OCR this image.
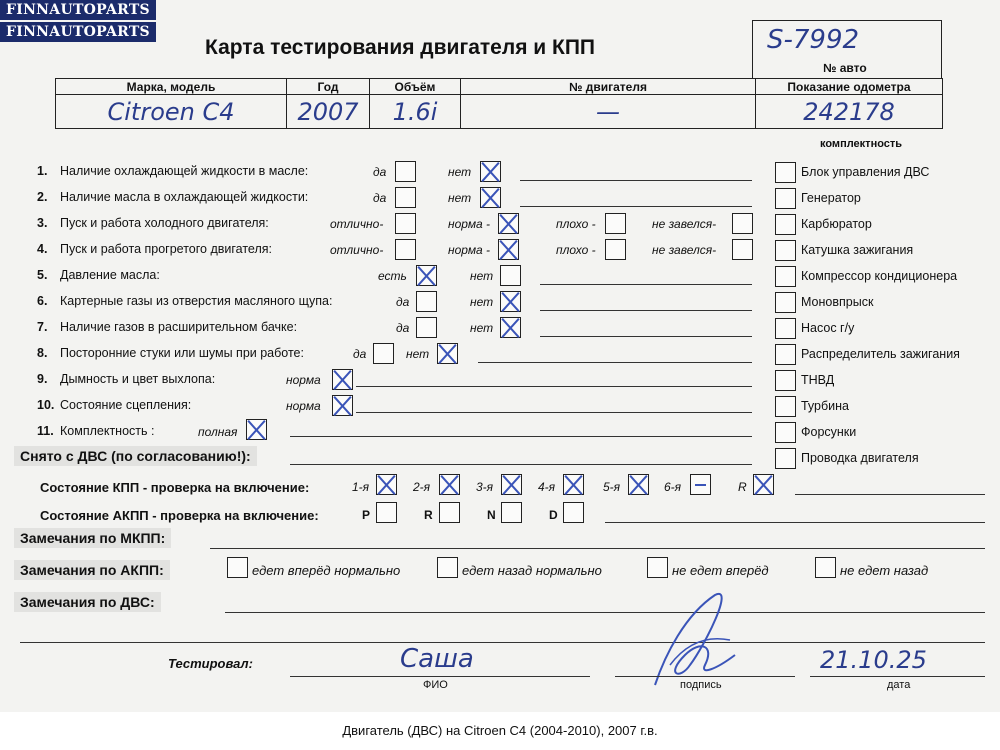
FINNAUTOPARTS
FINNAUTOPARTS
Карта тестирования двигателя и КПП	S-7992
№ авто
Марка, модель	Год	Объём	№ двигателя	Показание одометра
Citroen C4	2007	1.6i	—	242178
комплектность
1. Наличие охлаждающей жидкости в масле:	да	нет
2. Наличие масла в охлаждающей жидкости:	да	нет
3. Пуск и работа холодного двигателя:	отлично-	норма -	плохо -	не завелся-
4. Пуск и работа прогретого двигателя:	отлично-	норма -	плохо -	не завелся-
5. Давление масла:	есть	нет
6. Картерные газы из отверстия масляного щупа:	да	нет
7. Наличие газов в расширительном бачке:	да	нет
8. Посторонние стуки или шумы при работе:	да	нет
9. Дымность и цвет выхлопа:	норма
10. Состояние сцепления:	норма
11. Комплектность :	полная
Блок управления ДВС
Генератор
Карбюратор
Катушка зажигания
Компрессор кондиционера
Моновпрыск
Насос г/у
Распределитель зажигания
ТНВД
Турбина
Форсунки
Проводка двигателя
Снято с ДВС (по согласованию!):
Состояние КПП - проверка на включение:	1-я	2-я	3-я	4-я	5-я	6-я	R
Состояние АКПП - проверка на включение:	P	R	N	D
Замечания по МКПП:
Замечания по АКПП:	едет вперёд нормально	едет назад нормально	не едет вперёд	не едет назад
Замечания по ДВС:
Тестировал:	Саша
ФИО	подпись
21.10.25
дата
Двигатель (ДВС) на Citroen C4 (2004-2010), 2007 г.в.
